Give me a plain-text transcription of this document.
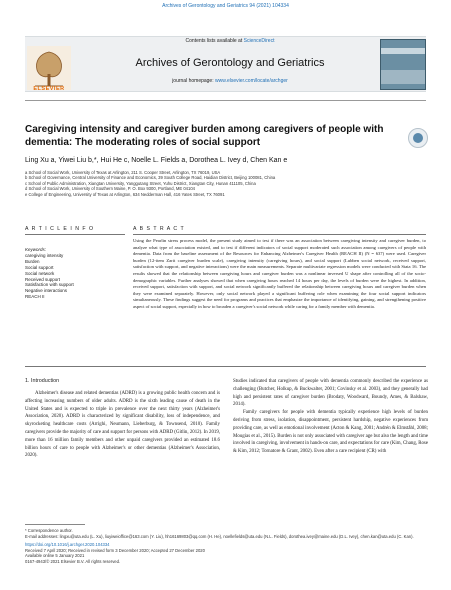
Archives of Gerontology and Geriatrics 94 (2021) 104334
ELSEVIER
Contents lists available at ScienceDirect
Archives of Gerontology and Geriatrics
journal homepage: www.elsevier.com/locate/archger
Caregiving intensity and caregiver burden among caregivers of people with dementia: The moderating roles of social support
Ling Xu a, Yiwei Liu b,*, Hui He c, Noelle L. Fields a, Dorothea L. Ivey d, Chen Kan e
a School of Social Work, University of Texas at Arlington, 211 S. Cooper Street, Arlington, TX 76019, USA
b School of Governance, Central University of Finance and Economics, 39 South College Road, Haidian District, Beijing 100081, China
c School of Public Administration, Xiangtan University, Yanggutang Street, Yuhu District, Xiangtan City, Hunan 411105, China
d School of Social Work, University of Southern Maine, P. O. Box 9300, Portland, ME 04104
e College of Engineering, University of Texas at Arlington, 634 Nedderman Hall, 416 Yates Street, TX 76091
A R T I C L E I N F O	A B S T R A C T
Keywords:
caregiving intensity
Burden
Social support
Social network
Received support
Satisfaction with support
Negative interactions
REACH II
Using the Pearlin stress process model, the present study aimed to test if there was an association between caregiving intensity and caregiver burden, to analyze what type of association existed, and to test if different indicators of social support moderated such association among caregivers of people with dementia. Data from the baseline assessment of the Resources for Enhancing Alzheimer's Caregiver Health (REACH II) (N = 637) were used. Caregiver burden (12-item Zarit caregiver burden scale), caregiving intensity (caregiving hours), and social support (Lubben social network, received support, satisfaction with support, and negative interactions) were the main measurements. Separate multivariate regression models were conducted with Stata 16. The results showed that the relationship between caregiving hours and caregiver burden was a nonlinear inversed U shape after controlling all of the socio-demographic variables. Further analyses showed that when caregiving hours reached 14 hours per day, the levels of burden were the highest. In addition, received support, satisfaction with support, and social network significantly buffered the relationship between caregiving hours and caregiver burden when they were examined separately. However, only social network played a significant buffering role when examining the four social support indicators simultaneously. These findings suggest the need for programs and practices that emphasize the importance of identifying, gaining, and strengthening positive aspect of social support, especially in how to broaden a caregiver's social network while caring for a family member with dementia.
1. Introduction
Alzheimer's disease and related dementias (ADRD) is a growing public health concern and is affecting increasing numbers of older adults. ADRD is the sixth leading cause of death in the United States and is expected to triple in prevalence over the next thirty years (Alzheimer's Association, 2020). ADRD is characterized by significant disability, loss of independence, and skyrocketing healthcare costs (Arrighi, Neumann, Lieberburg, & Townsend, 2010). Family caregivers provide the majority of care and support for persons with ADRD (Gitlin, 2012). In 2019, more than 16 million family members and other unpaid caregivers provided an estimated 18.6 billion hours of care to people with Alzheimer's or other dementias (Alzheimer's Association, 2020).
Studies indicated that caregivers of people with dementia commonly described the experience as challenging (Butcher, Holkup, & Buckwalter, 2001; Covinsky et al. 2003), and they generally had high and persistent rates of caregiver burden (Brodaty, Woodward, Boundy, Ames, & Balshaw, 2014).
Family caregivers for people with dementia typically experience high levels of burden deriving from stress, isolation, disappointment, persistent hardship, negative experiences from providing care, as well as emotional involvement (Acton & Kang, 2001; Andrén & Elmståhl, 2008; Mougias et al., 2015). Burden is not only associated with caregiver age but also the length and time involved in caregiving, involvement in hands-on care, and expectations for care (Kim, Chang, Rose & Kim, 2012; Tornatore & Grant, 2002). Even after a care recipient (CR) with
* Correspondence author.
E-mail addresses: lingxu@uta.edu (L. Xu), liuyiweioffice@163.com (Y. Liu), hh16169803@qq.com (H. He), noellefields@uta.edu (N.L. Fields), dorothea.ivey@maine.edu (D.L. Ivey), chen.kan@uta.edu (C. Kan).
https://doi.org/10.1016/j.archger.2020.104334
Received 7 April 2020; Received in revised form 3 December 2020; Accepted 27 December 2020
Available online 5 January 2021
0167-4943/© 2021 Elsevier B.V. All rights reserved.
